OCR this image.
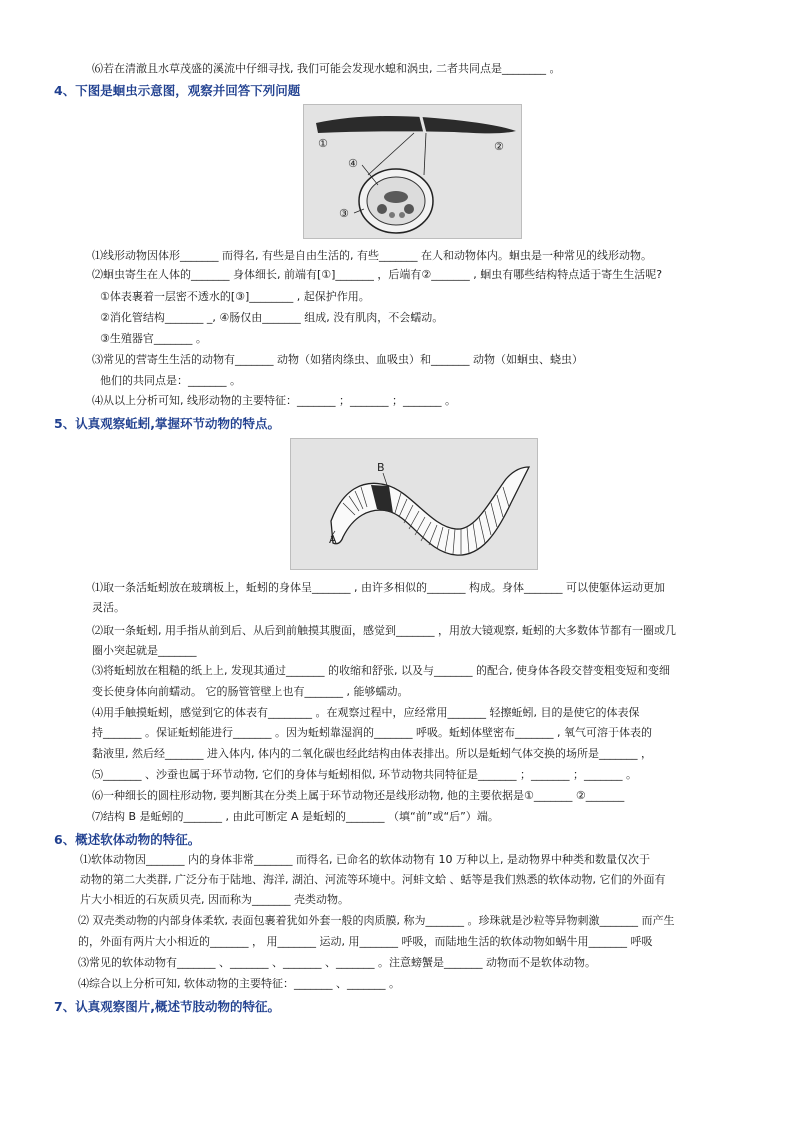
⑹若在清澈且水草茂盛的溪流中仔细寻找, 我们可能会发现水螅和涡虫, 二者共同点是________ 。
4、下图是蛔虫示意图，观察并回答下列问题
①	②
③
④
⑴线形动物因体形_______ 而得名, 有些是自由生活的, 有些_______ 在人和动物体内。蛔虫是一种常见的线形动物。
⑵蛔虫寄生在人体的_______ 身体细长, 前端有[①]_______ ，后端有②_______ , 蛔虫有哪些结构特点适于寄生生活呢?
①体表裹着一层密不透水的[③]________ , 起保护作用。
②消化管结构_______ _, ④肠仅由_______ 组成, 没有肌肉，不会蠕动。
③生殖器官_______ 。
⑶常见的营寄生生活的动物有_______ 动物（如猪肉绦虫、血吸虫）和_______ 动物（如蛔虫、蛲虫）
他们的共同点是：_______ 。
⑷从以上分析可知, 线形动物的主要特征：_______ ；_______ ；_______ 。
5、认真观察蚯蚓,掌握环节动物的特点。
B
A
⑴取一条活蚯蚓放在玻璃板上，蚯蚓的身体呈_______ , 由许多相似的_______ 构成。身体_______ 可以使躯体运动更加
灵活。
⑵取一条蚯蚓, 用手指从前到后、从后到前触摸其腹面，感觉到_______ ，用放大镜观察, 蚯蚓的大多数体节都有一圈或几
圈小突起就是_______
⑶将蚯蚓放在粗糙的纸上上, 发现其通过_______ 的收缩和舒张, 以及与_______ 的配合, 使身体各段交替变粗变短和变细
变长使身体向前蠕动。 它的肠管管壁上也有_______ , 能够蠕动。
⑷用手触摸蚯蚓，感觉到它的体表有________ 。在观察过程中，应经常用_______ 轻擦蚯蚓, 目的是使它的体表保
持_______ 。保证蚯蚓能进行_______ 。因为蚯蚓靠湿润的_______ 呼吸。蚯蚓体壁密布_______ , 氧气可溶于体表的
黏液里, 然后经_______ 进入体内, 体内的二氧化碳也经此结构由体表排出。所以是蚯蚓气体交换的场所是_______ ，
⑸_______ 、沙蚕也属于环节动物, 它们的身体与蚯蚓相似, 环节动物共同特征是_______ ；_______ ；_______ 。
⑹一种细长的圆柱形动物, 要判断其在分类上属于环节动物还是线形动物, 他的主要依据是①_______ ②_______
⑺结构 B 是蚯蚓的_______ , 由此可断定 A 是蚯蚓的_______ （填“前”或“后”）端。
6、概述软体动物的特征。
⑴软体动物因_______ 内的身体非常_______ 而得名, 已命名的软体动物有 10 万种以上, 是动物界中种类和数量仅次于
动物的第二大类群, 广泛分布于陆地、海洋, 湖泊、河流等环境中。河蚌文蛤 、蛞等是我们熟悉的软体动物, 它们的外面有
片大小相近的石灰质贝壳, 因而称为_______ 壳类动物。
⑵ 双壳类动物的内部身体柔软, 表面包裹着犹如外套一般的肉质膜, 称为_______ 。珍珠就是沙粒等异物刺激_______ 而产生
的，外面有两片大小相近的_______ ， 用_______ 运动, 用_______ 呼吸，而陆地生活的软体动物如蜗牛用_______ 呼吸
⑶常见的软体动物有_______ 、_______ 、_______ 、_______ 。注意螃蟹是_______ 动物而不是软体动物。
⑷综合以上分析可知, 软体动物的主要特征：_______ 、_______ 。
7、认真观察图片,概述节肢动物的特征。
